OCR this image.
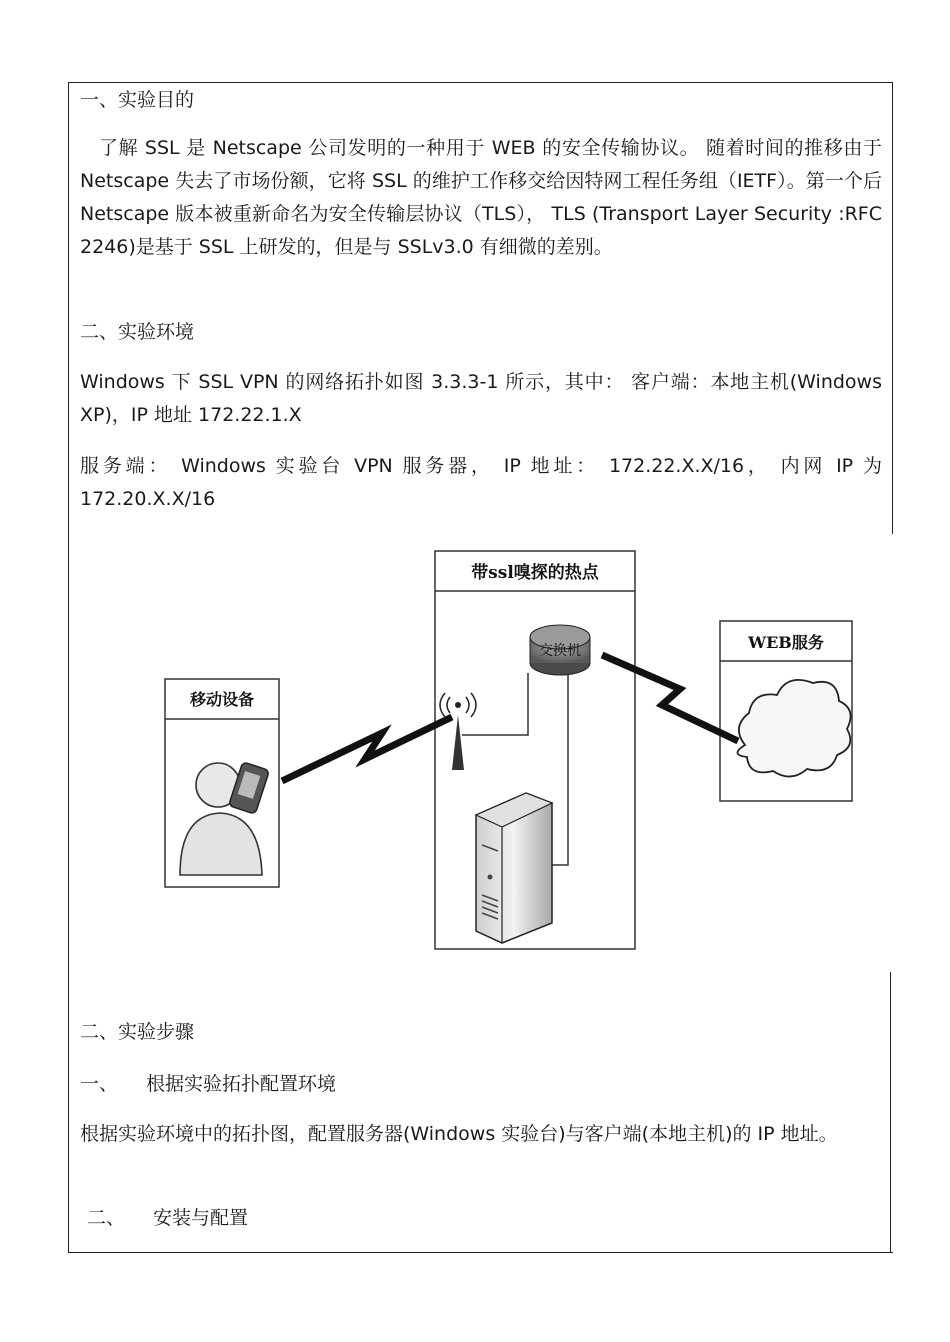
一、实验目的

了解 SSL 是 Netscape 公司发明的一种用于 WEB 的安全传输协议。 随着时间的推移由于 Netscape 失去了市场份额，它将 SSL 的维护工作移交给因特网工程任务组（IETF）。第一个后 Netscape 版本被重新命名为安全传输层协议（TLS）， TLS (Transport Layer Security :RFC 2246)是基于 SSL 上研发的，但是与 SSLv3.0 有细微的差别。

二、实验环境

Windows 下 SSL VPN 的网络拓扑如图 3.3.3-1 所示，其中： 客户端：本地主机(Windows XP)，IP 地址 172.22.1.X

服务端： Windows 实验台 VPN 服务器， IP 地址： 172.22.X.X/16， 内网 IP 为 172.20.X.X/16

带ssl嗅探的热点
WEB服务
移动设备
交换机

二、实验步骤

一、 根据实验拓扑配置环境

根据实验环境中的拓扑图，配置服务器(Windows 实验台)与客户端(本地主机)的 IP 地址。

二、 安装与配置
